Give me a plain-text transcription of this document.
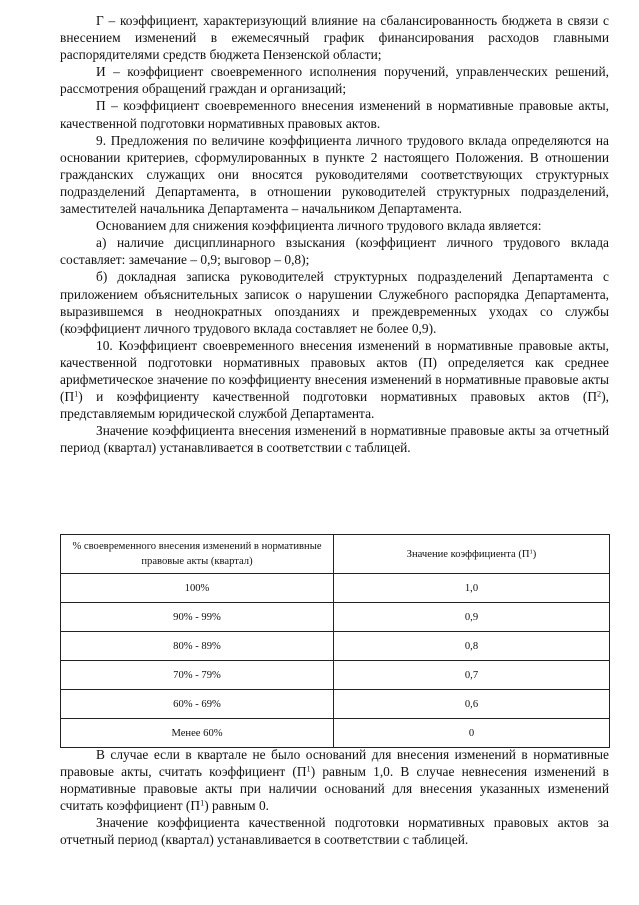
Г – коэффициент, характеризующий влияние на сбалансированность бюджета в связи с внесением изменений в ежемесячный график финансирования расходов главными распорядителями средств бюджета Пензенской области;

И – коэффициент своевременного исполнения поручений, управленческих решений, рассмотрения обращений граждан и организаций;

П – коэффициент своевременного внесения изменений в нормативные правовые акты, качественной подготовки нормативных правовых актов.

9. Предложения по величине коэффициента личного трудового вклада определяются на основании критериев, сформулированных в пункте 2 настоящего Положения. В отношении гражданских служащих они вносятся руководителями соответствующих структурных подразделений Департамента, в отношении руководителей структурных подразделений, заместителей начальника Департамента – начальником Департамента.

Основанием для снижения коэффициента личного трудового вклада является:

а) наличие дисциплинарного взыскания (коэффициент личного трудового вклада составляет: замечание – 0,9; выговор – 0,8);

б) докладная записка руководителей структурных подразделений Департамента с приложением объяснительных записок о нарушении Служебного распорядка Департамента, выразившемся в неоднократных опозданиях и преждевременных уходах со службы (коэффициент личного трудового вклада составляет не более 0,9).

10. Коэффициент своевременного внесения изменений в нормативные правовые акты, качественной подготовки нормативных правовых актов (П) определяется как среднее арифметическое значение по коэффициенту внесения изменений в нормативные правовые акты $(П^1)$ и коэффициенту качественной подготовки нормативных правовых актов $(П^2)$, представляемым юридической службой Департамента.

Значение коэффициента внесения изменений в нормативные правовые акты за отчетный период (квартал) устанавливается в соответствии с таблицей.

% своевременного внесения изменений в нормативные правовые акты (квартал)	Значение коэффициента $(П^1)$
100%	1,0
90% - 99%	0,9
80% - 89%	0,8
70% - 79%	0,7
60% - 69%	0,6
Менее 60%	0

В случае если в квартале не было оснований для внесения изменений в нормативные правовые акты, считать коэффициент $(П^1)$ равным 1,0. В случае невнесения изменений в нормативные правовые акты при наличии оснований для внесения указанных изменений считать коэффициент $(П^1)$ равным 0.

Значение коэффициента качественной подготовки нормативных правовых актов за отчетный период (квартал) устанавливается в соответствии с таблицей.
